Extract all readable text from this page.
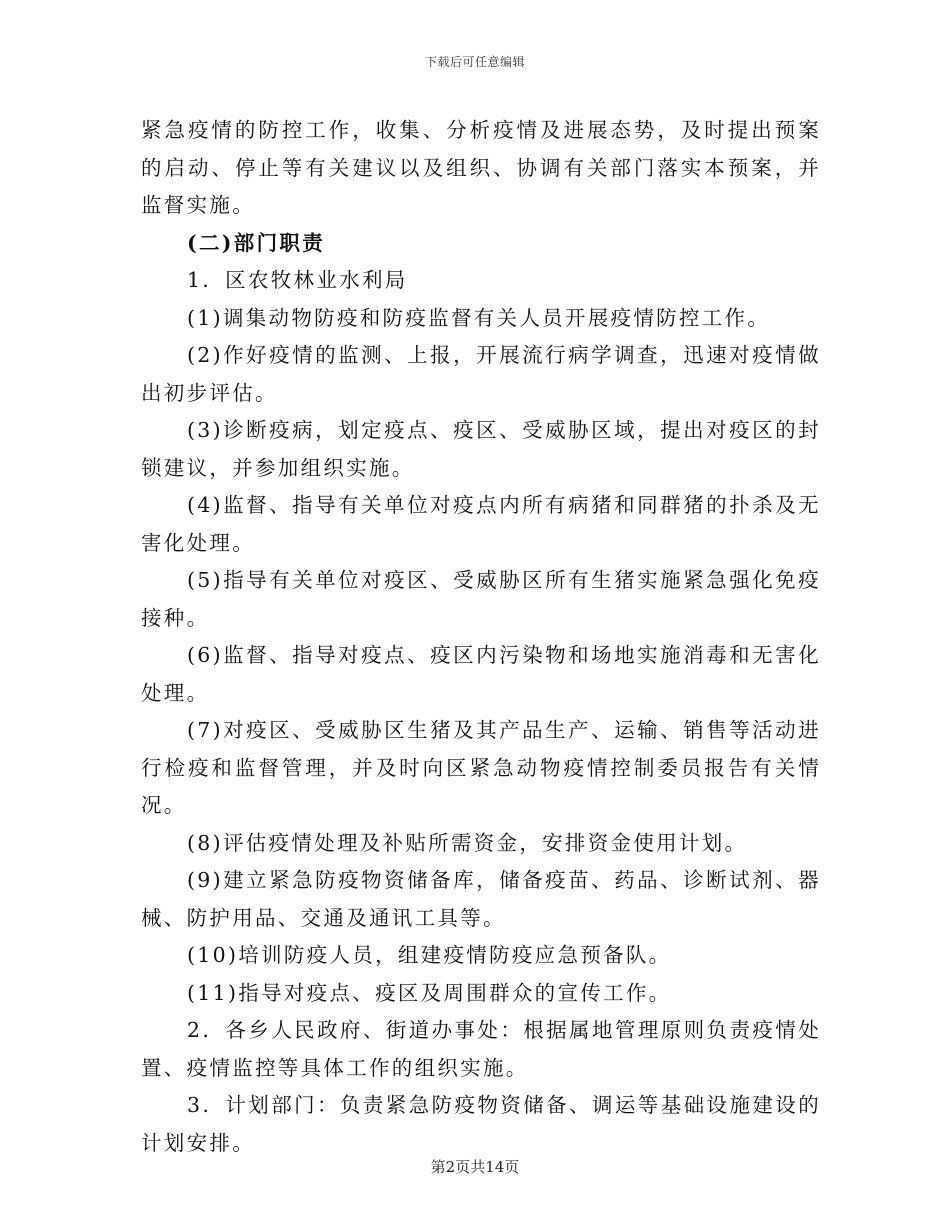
下载后可任意编辑

紧急疫情的防控工作，收集、分析疫情及进展态势，及时提出预案的启动、停止等有关建议以及组织、协调有关部门落实本预案，并监督实施。

(二)部门职责

1．区农牧林业水利局

(1)调集动物防疫和防疫监督有关人员开展疫情防控工作。

(2)作好疫情的监测、上报，开展流行病学调查，迅速对疫情做出初步评估。

(3)诊断疫病，划定疫点、疫区、受威胁区域，提出对疫区的封锁建议，并参加组织实施。

(4)监督、指导有关单位对疫点内所有病猪和同群猪的扑杀及无害化处理。

(5)指导有关单位对疫区、受威胁区所有生猪实施紧急强化免疫接种。

(6)监督、指导对疫点、疫区内污染物和场地实施消毒和无害化处理。

(7)对疫区、受威胁区生猪及其产品生产、运输、销售等活动进行检疫和监督管理，并及时向区紧急动物疫情控制委员报告有关情况。

(8)评估疫情处理及补贴所需资金，安排资金使用计划。

(9)建立紧急防疫物资储备库，储备疫苗、药品、诊断试剂、器械、防护用品、交通及通讯工具等。

(10)培训防疫人员，组建疫情防疫应急预备队。

(11)指导对疫点、疫区及周围群众的宣传工作。

2．各乡人民政府、街道办事处：根据属地管理原则负责疫情处置、疫情监控等具体工作的组织实施。

3．计划部门：负责紧急防疫物资储备、调运等基础设施建设的计划安排。

第2页共14页
